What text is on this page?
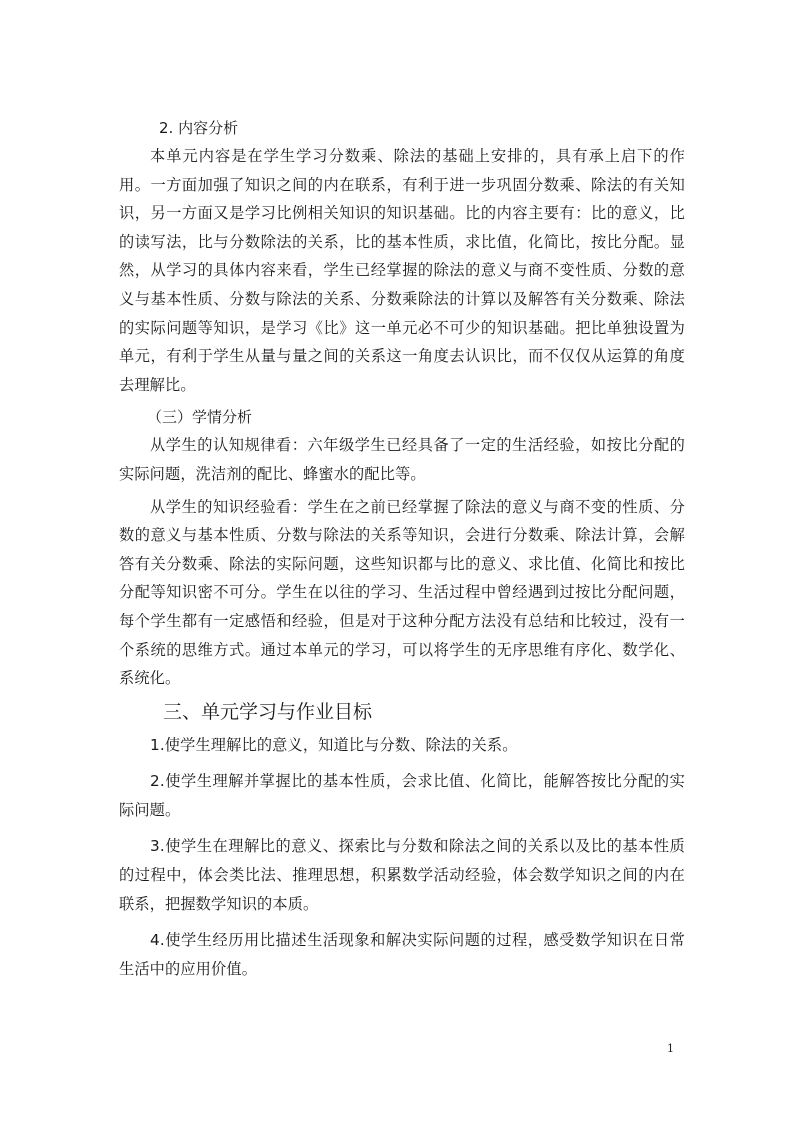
2. 内容分析

本单元内容是在学生学习分数乘、除法的基础上安排的，具有承上启下的作用。一方面加强了知识之间的内在联系，有利于进一步巩固分数乘、除法的有关知识，另一方面又是学习比例相关知识的知识基础。比的内容主要有：比的意义，比的读写法，比与分数除法的关系，比的基本性质，求比值，化简比，按比分配。显然，从学习的具体内容来看，学生已经掌握的除法的意义与商不变性质、分数的意义与基本性质、分数与除法的关系、分数乘除法的计算以及解答有关分数乘、除法的实际问题等知识，是学习《比》这一单元必不可少的知识基础。把比单独设置为单元，有利于学生从量与量之间的关系这一角度去认识比，而不仅仅从运算的角度去理解比。

（三）学情分析

从学生的认知规律看：六年级学生已经具备了一定的生活经验，如按比分配的实际问题，洗洁剂的配比、蜂蜜水的配比等。

从学生的知识经验看：学生在之前已经掌握了除法的意义与商不变的性质、分数的意义与基本性质、分数与除法的关系等知识，会进行分数乘、除法计算，会解答有关分数乘、除法的实际问题，这些知识都与比的意义、求比值、化简比和按比分配等知识密不可分。学生在以往的学习、生活过程中曾经遇到过按比分配问题，每个学生都有一定感悟和经验，但是对于这种分配方法没有总结和比较过，没有一个系统的思维方式。通过本单元的学习，可以将学生的无序思维有序化、数学化、系统化。

三、单元学习与作业目标

1.使学生理解比的意义，知道比与分数、除法的关系。

2.使学生理解并掌握比的基本性质，会求比值、化简比，能解答按比分配的实际问题。

3.使学生在理解比的意义、探索比与分数和除法之间的关系以及比的基本性质的过程中，体会类比法、推理思想，积累数学活动经验，体会数学知识之间的内在联系，把握数学知识的本质。

4.使学生经历用比描述生活现象和解决实际问题的过程，感受数学知识在日常生活中的应用价值。

1
